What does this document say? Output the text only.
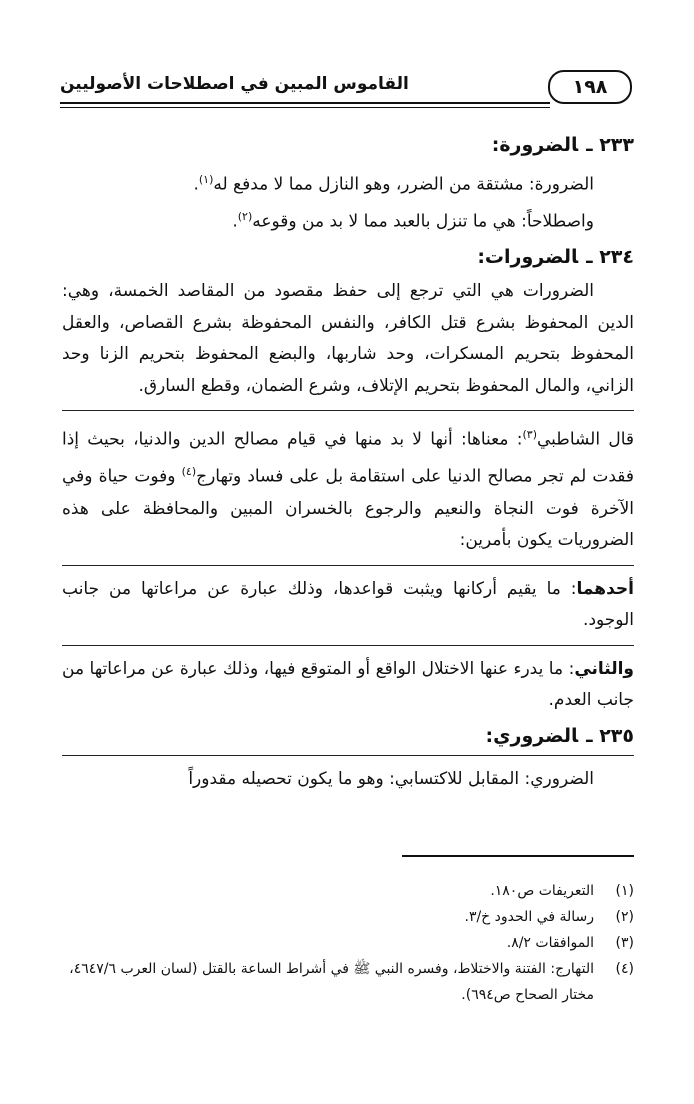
١٩٨
القاموس المبين في اصطلاحات الأصوليين
٢٣٣ ـالضرورة:

الضرورة: مشتقة من الضرر، وهو النازل مما لا مدفع له$^{(١)}$.

واصطلاحاً: هي ما تنزل بالعبد مما لا بد من وقوعه$^{(٢)}$.

٢٣٤ ـالضرورات:

الضرورات هي التي ترجع إلى حفظ مقصود من المقاصد الخمسة، وهي: الدين المحفوظ بشرع قتل الكافر، والنفس المحفوظة بشرع القصاص، والعقل المحفوظ بتحريم المسكرات، وحد شاربها، والبضع المحفوظ بتحريم الزنا وحد الزاني، والمال المحفوظ بتحريم الإتلاف، وشرع الضمان، وقطع السارق.

قال الشاطبي$^{(٣)}$: معناها: أنها لا بد منها في قيام مصالح الدين والدنيا، بحيث إذا فقدت لم تجر مصالح الدنيا على استقامة بل على فساد وتهارج$^{(٤)}$ وفوت حياة وفي الآخرة فوت النجاة والنعيم والرجوع بالخسران المبين والمحافظة على هذه الضروريات يكون بأمرين:

أحدهما: ما يقيم أركانها ويثبت قواعدها، وذلك عبارة عن مراعاتها من جانب الوجود.

والثاني: ما يدرء عنها الاختلال الواقع أو المتوقع فيها، وذلك عبارة عن مراعاتها من جانب العدم.

٢٣٥ ـالضروري:

الضروري: المقابل للاكتسابي: وهو ما يكون تحصيله مقدوراً

(١)
التعريفات ص١٨٠.
(٢)
رسالة في الحدود خ/٣.
(٣)
الموافقات ٨/٢.
(٤)
التهارج: الفتنة والاختلاط، وفسره النبي ﷺ في أشراط الساعة بالقتل (لسان العرب ٤٦٤٧/٦، مختار الصحاح ص٦٩٤).
